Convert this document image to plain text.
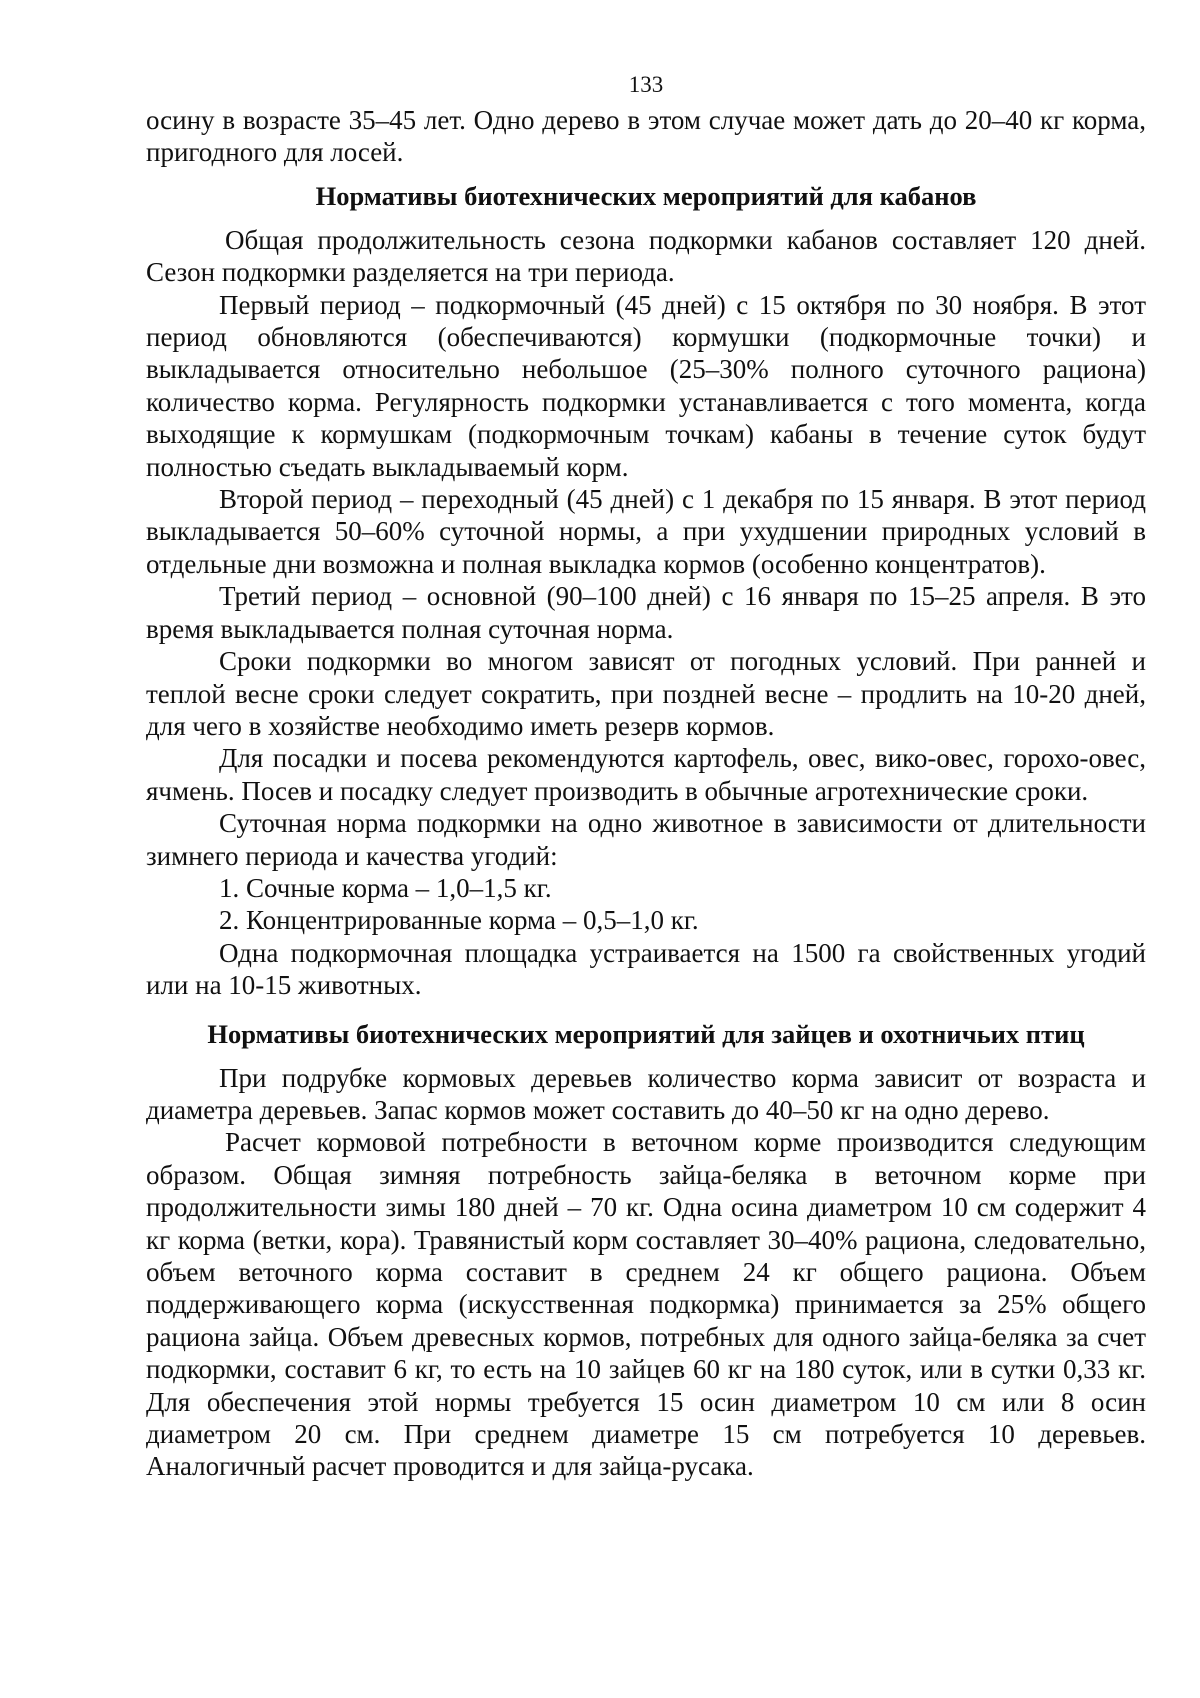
133

осину в возрасте 35–45 лет. Одно дерево в этом случае может дать до 20–40 кг корма, пригодного для лосей.

Нормативы биотехнических мероприятий для кабанов

Общая продолжительность сезона подкормки кабанов составляет 120 дней. Сезон подкормки разделяется на три периода.

Первый период – подкормочный (45 дней) с 15 октября по 30 ноября. В этот период обновляются (обеспечиваются) кормушки (подкормочные точки) и выкладывается относительно небольшое (25–30% полного суточного рациона) количество корма. Регулярность подкормки устанавливается с того момента, когда выходящие к кормушкам (подкормочным точкам) кабаны в течение суток будут полностью съедать выкладываемый корм.

Второй период – переходный (45 дней) с 1 декабря по 15 января. В этот период выкладывается 50–60% суточной нормы, а при ухудшении природных условий в отдельные дни возможна и полная выкладка кормов (особенно концентратов).

Третий период – основной (90–100 дней) с 16 января по 15–25 апреля. В это время выкладывается полная суточная норма.

Сроки подкормки во многом зависят от погодных условий. При ранней и теплой весне сроки следует сократить, при поздней весне – продлить на 10-20 дней, для чего в хозяйстве необходимо иметь резерв кормов.

Для посадки и посева рекомендуются картофель, овес, вико-овес, горохо-овес, ячмень. Посев и посадку следует производить в обычные агротехнические сроки.

Суточная норма подкормки на одно животное в зависимости от длительности зимнего периода и качества угодий:

1. Сочные корма – 1,0–1,5 кг.

2. Концентрированные корма – 0,5–1,0 кг.

Одна подкормочная площадка устраивается на 1500 га свойственных угодий или на 10-15 животных.

Нормативы биотехнических мероприятий для зайцев и охотничьих птиц

При подрубке кормовых деревьев количество корма зависит от возраста и диаметра деревьев. Запас кормов может составить до 40–50 кг на одно дерево.

Расчет кормовой потребности в веточном корме производится следующим образом. Общая зимняя потребность зайца-беляка в веточном корме при продолжительности зимы 180 дней – 70 кг. Одна осина диаметром 10 см содержит 4 кг корма (ветки, кора). Травянистый корм составляет 30–40% рациона, следовательно, объем веточного корма составит в среднем 24 кг общего рациона. Объем поддерживающего корма (искусственная подкормка) принимается за 25% общего рациона зайца. Объем древесных кормов, потребных для одного зайца-беляка за счет подкормки, составит 6 кг, то есть на 10 зайцев 60 кг на 180 суток, или в сутки 0,33 кг. Для обеспечения этой нормы требуется 15 осин диаметром 10 см или 8 осин диаметром 20 см. При среднем диаметре 15 см потребуется 10 деревьев. Аналогичный расчет проводится и для зайца-русака.
